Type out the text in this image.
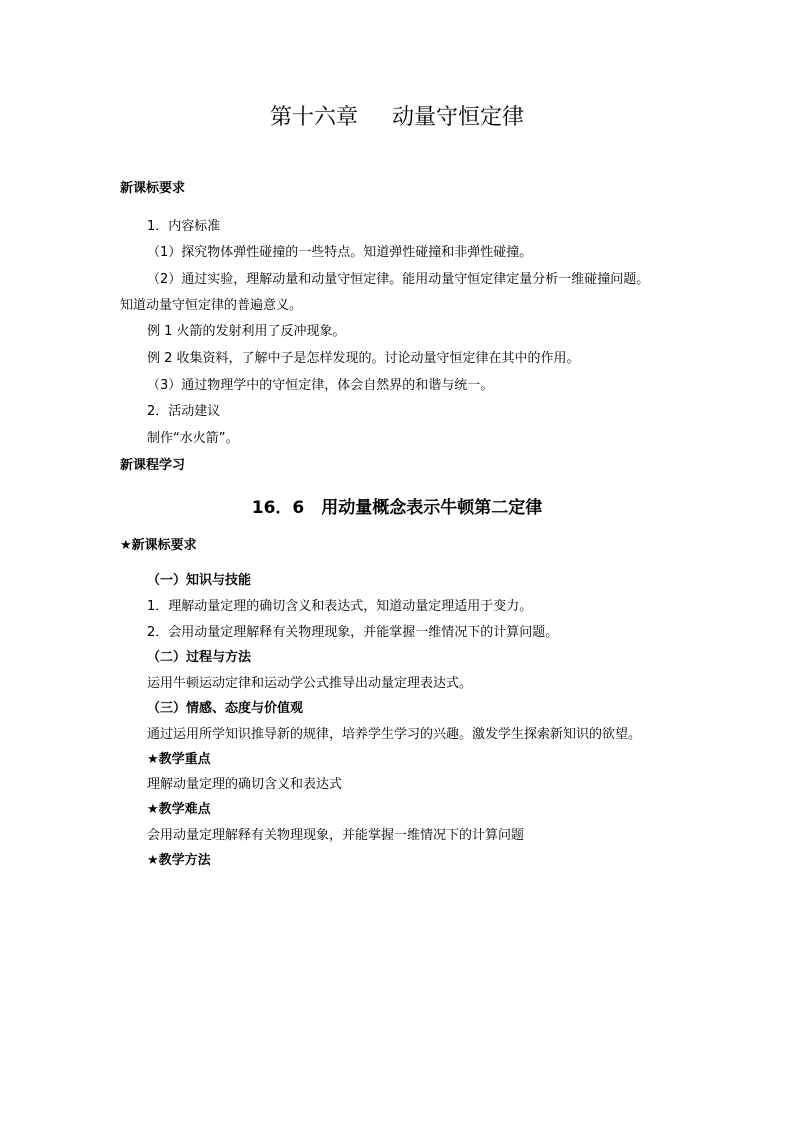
第十六章 动量守恒定律
新课标要求
1．内容标准
（1）探究物体弹性碰撞的一些特点。知道弹性碰撞和非弹性碰撞。
（2）通过实验，理解动量和动量守恒定律。能用动量守恒定律定量分析一维碰撞问题。
知道动量守恒定律的普遍意义。
例 1 火箭的发射利用了反冲现象。
例 2 收集资料，了解中子是怎样发现的。讨论动量守恒定律在其中的作用。
（3）通过物理学中的守恒定律，体会自然界的和谐与统一。
2．活动建议
制作“水火箭”。
新课程学习
16．6　用动量概念表示牛顿第二定律
★新课标要求
（一）知识与技能
1．理解动量定理的确切含义和表达式，知道动量定理适用于变力。
2．会用动量定理解释有关物理现象，并能掌握一维情况下的计算问题。
（二）过程与方法
运用牛顿运动定律和运动学公式推导出动量定理表达式。
（三）情感、态度与价值观
通过运用所学知识推导新的规律，培养学生学习的兴趣。激发学生探索新知识的欲望。
★教学重点
理解动量定理的确切含义和表达式
★教学难点
会用动量定理解释有关物理现象，并能掌握一维情况下的计算问题
★教学方法
